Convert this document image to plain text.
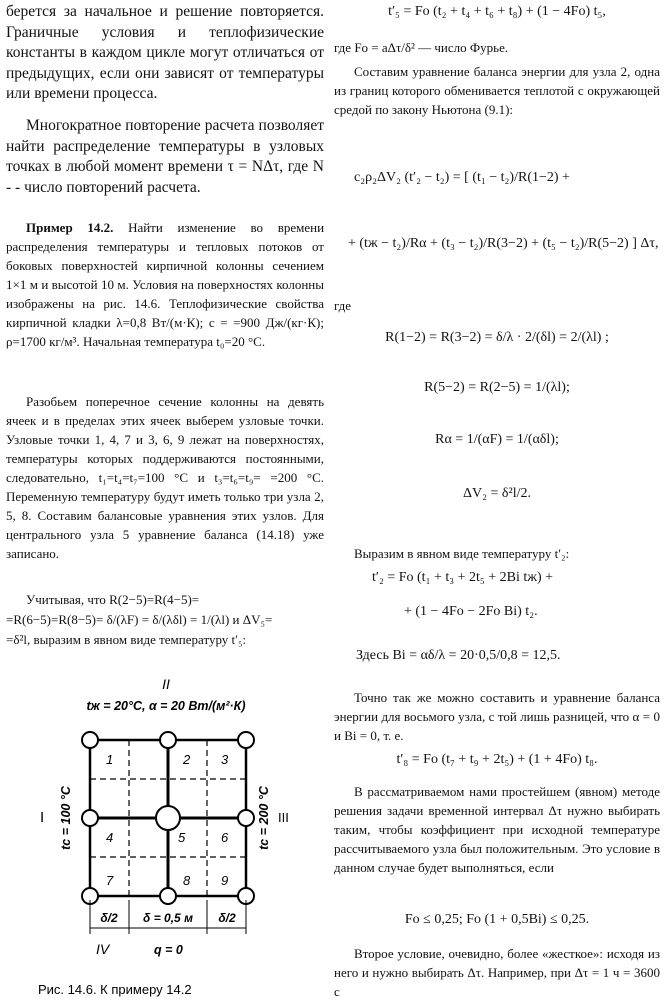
берется за начальное и решение повторяется. Граничные условия и теплофизические константы в каждом цикле могут отличаться от предыдущих, если они зависят от температуры или времени процесса.

Многократное повторение расчета позволяет найти распределение температуры в узловых точках в любой момент времени τ = NΔτ, где N - - число повторений расчета.

Пример 14.2. Найти изменение во времени распределения температуры и тепловых потоков от боковых поверхностей кирпичной колонны сечением 1×1 м и высотой 10 м. Условия на поверхностях колонны изображены на рис. 14.6. Теплофизические свойства кирпичной кладки λ=0,8 Вт/(м·К); c = =900 Дж/(кг·К); ρ=1700 кг/м³. Начальная температура t₀=20 °С.

Разобьем поперечное сечение колонны на девять ячеек и в пределах этих ячеек выберем узловые точки. Узловые точки 1, 4, 7 и 3, 6, 9 лежат на поверхностях, температуры которых поддерживаются постоянными, следовательно, t₁=t₄=t₇=100 °С и t₃=t₆=t₉= =200 °С. Переменную температуру будут иметь только три узла 2, 5, 8. Составим балансовые уравнения этих узлов. Для центрального узла 5 уравнение баланса (14.18) уже записано.

Учитывая, что R(2−5)=R(4−5)=

=R(6−5)=R(8−5)= δ/(λF) = δ/(λδl) = 1/(λl) и ΔV₅=

=δ²l, выразим в явном виде температуру t′₅:

II
tж = 20°C, α = 20 Вт/(м²·К)
1	2 3
4	5	6
7	8 9
I	III
tс = 100 °С	tс = 200 °С
δ/2 δ = 0,5 м δ/2
IV	q = 0
Рис. 14.6. К примеру 14.2
t′₅ = Fo (t₂ + t₄ + t₆ + t₈) + (1 − 4Fo) t₅,

где Fo = aΔτ/δ² — число Фурье.

Составим уравнение баланса энергии для узла 2, одна из границ которого обменивается теплотой с окружающей средой по закону Ньютона (9.1):

c₂ρ₂ΔV₂ (t′₂ − t₂) = [ (t₁ − t₂)/R(1−2) +
+ (tж − t₂)/Rα + (t₃ − t₂)/R(3−2) + (t₅ − t₂)/R(5−2) ] Δτ,

где

R(1−2) = R(3−2) = δ/λ · 2/(δl) = 2/(λl) ;
R(5−2) = R(2−5) = 1/(λl);
Rα = 1/(αF) = 1/(αδl);
ΔV₂ = δ²l/2.

Выразим в явном виде температуру t′₂:

t′₂ = Fo (t₁ + t₃ + 2t₅ + 2Bi tж) +
+ (1 − 4Fo − 2Fo Bi) t₂.
Здесь Bi = αδ/λ = 20·0,5/0,8 = 12,5.

Точно так же можно составить и уравнение баланса энергии для восьмого узла, с той лишь разницей, что α = 0 и Bi = 0, т. е.

t′₈ = Fo (t₇ + t₉ + 2t₅) + (1 + 4Fo) t₈.

В рассматриваемом нами простейшем (явном) методе решения задачи временной интервал Δτ нужно выбирать таким, чтобы коэффициент при исходной температуре рассчитываемого узла был положительным. Это условие в данном случае будет выполняться, если

Fo ≤ 0,25; Fo (1 + 0,5Bi) ≤ 0,25.

Второе условие, очевидно, более «жесткое»: исходя из него и нужно выбирать Δτ. Например, при Δτ = 1 ч = 3600 с
